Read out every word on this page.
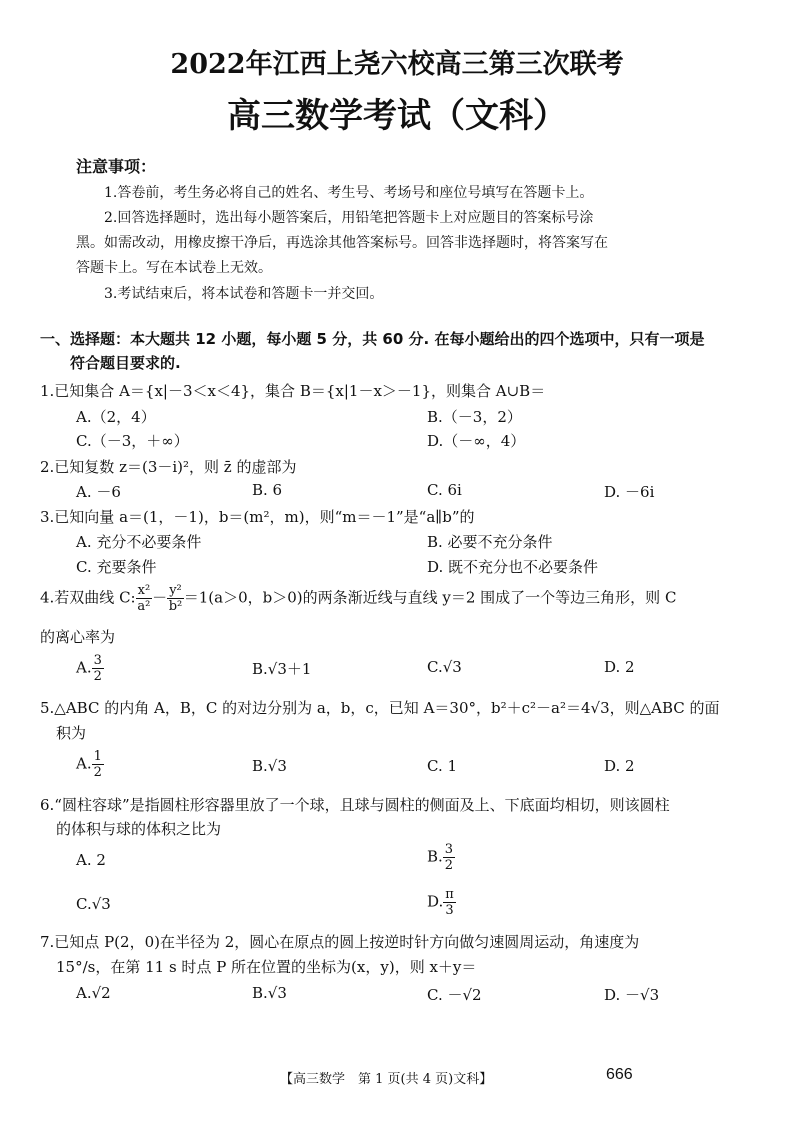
2022年江西上尧六校高三第三次联考
高三数学考试（文科）
注意事项：
1.答卷前，考生务必将自己的姓名、考生号、考场号和座位号填写在答题卡上。
2.回答选择题时，选出每小题答案后，用铅笔把答题卡上对应题目的答案标号涂
黑。如需改动，用橡皮擦干净后，再选涂其他答案标号。回答非选择题时，将答案写在
答题卡上。写在本试卷上无效。
3.考试结束后，将本试卷和答题卡一并交回。
一、选择题：本大题共 12 小题，每小题 5 分，共 60 分. 在每小题给出的四个选项中，只有一项是
符合题目要求的.
1.已知集合 A＝{x|－3＜x＜4}，集合 B＝{x|1－x＞－1}，则集合 A∪B＝
A.（2，4）	B.（－3，2）
C.（－3，＋∞）	D.（－∞，4）
2.已知复数 z＝(3－i)²，则 z̄ 的虚部为
A. －6	B. 6	C. 6i	D. －6i
3.已知向量 a＝(1，－1)，b＝(m²，m)，则“m＝－1”是“a∥b”的
A. 充分不必要条件	B. 必要不充分条件
C. 充要条件	D. 既不充分也不必要条件
4.若双曲线 C: $\frac{\text{x²}}{\text{a²}} - \frac{\text{y²}}{\text{b²}} =1(a>0$，b＞0)的两条渐近线与直线 y＝2 围成了一个等边三角形，则 C
的离心率为
A. $\frac{3}{2}$	B.√3＋1	C.√3	D. 2
5.△ABC 的内角 A，B，C 的对边分别为 a，b，c，已知 A＝30°，b²＋c²－a²＝4√3，则△ABC 的面
积为
A. $\frac{1}{2}$	B.√3	C. 1	D. 2
6.“圆柱容球”是指圆柱形容器里放了一个球，且球与圆柱的侧面及上、下底面均相切，则该圆柱
的体积与球的体积之比为
A. 2	B. $\frac{3}{2}$
C.√3	D. $\frac{\pi}{3}$
7.已知点 P(2，0)在半径为 2，圆心在原点的圆上按逆时针方向做匀速圆周运动，角速度为
15°/s，在第 11 s 时点 P 所在位置的坐标为(x，y)，则 x＋y＝
A.√2	B.√3	C. －√2	D. －√3
【高三数学　第 1 页(共 4 页)文科】	666
